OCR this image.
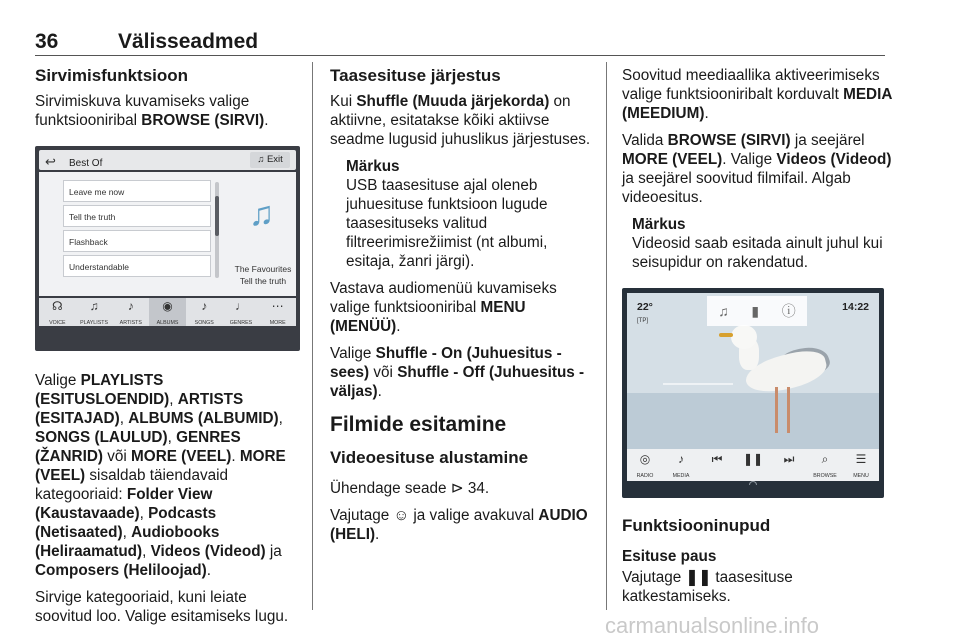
36	Välisseadmed
Sirvimisfunktsioon

Sirvimiskuva kuvamiseks valige funktsiooniribal BROWSE (SIRVI).

↩ Best Of	♫ Exit
Leave me now
Tell the truth
Flashback
Understandable
♫
The Favourites
Tell the truth
☊
VOICE
♫
PLAYLISTS
♪
ARTISTS
◉
ALBUMS
♪
SONGS
♩
GENRES
⋯
MORE

Valige PLAYLISTS (ESITUSLOENDID), ARTISTS (ESITAJAD), ALBUMS (ALBUMID), SONGS (LAULUD), GENRES (ŽANRID) või MORE (VEEL). MORE (VEEL) sisaldab täiendavaid kategooriaid: Folder View (Kaustavaade), Podcasts (Netisaated), Audiobooks (Heliraamatud), Videos (Videod) ja Composers (Heliloojad).

Sirvige kategooriaid, kuni leiate soovitud loo. Valige esitamiseks lugu.

Taasesituse järjestus

Kui Shuffle (Muuda järjekorda) on aktiivne, esitatakse kõiki aktiivse seadme lugusid juhuslikus järjestuses.

Märkus
USB taasesituse ajal oleneb juhuesituse funktsioon lugude taasesituseks valitud filtreerimisrežiimist (nt albumi, esitaja, žanri järgi).

Vastava audiomenüü kuvamiseks valige funktsiooniribal MENU (MENÜÜ).

Valige Shuffle - On (Juhuesitus - sees) või Shuffle - Off (Juhuesitus - väljas).

Filmide esitamine
Videoesituse alustamine

Ühendage seade ⊳ 34.

Vajutage ☺ ja valige avakuval AUDIO (HELI).

Soovitud meediaallika aktiveerimiseks valige funktsiooniribalt korduvalt MEDIA (MEEDIUM).

Valida BROWSE (SIRVI) ja seejärel MORE (VEEL). Valige Videos (Videod) ja seejärel soovitud filmifail. Algab videoesitus.

Märkus
Videosid saab esitada ainult juhul kui seisupidur on rakendatud.
♫ ▮ ⓘ
22°
[TP]
14:22
◎
RADIO
♪
MEDIA
⏮	❚❚	⏭	⌕
BROWSE
☰
MENU
Funktsiooninupud
Esituse paus

Vajutage ❚❚ taasesituse katkestamiseks.

carmanualsonline.info
